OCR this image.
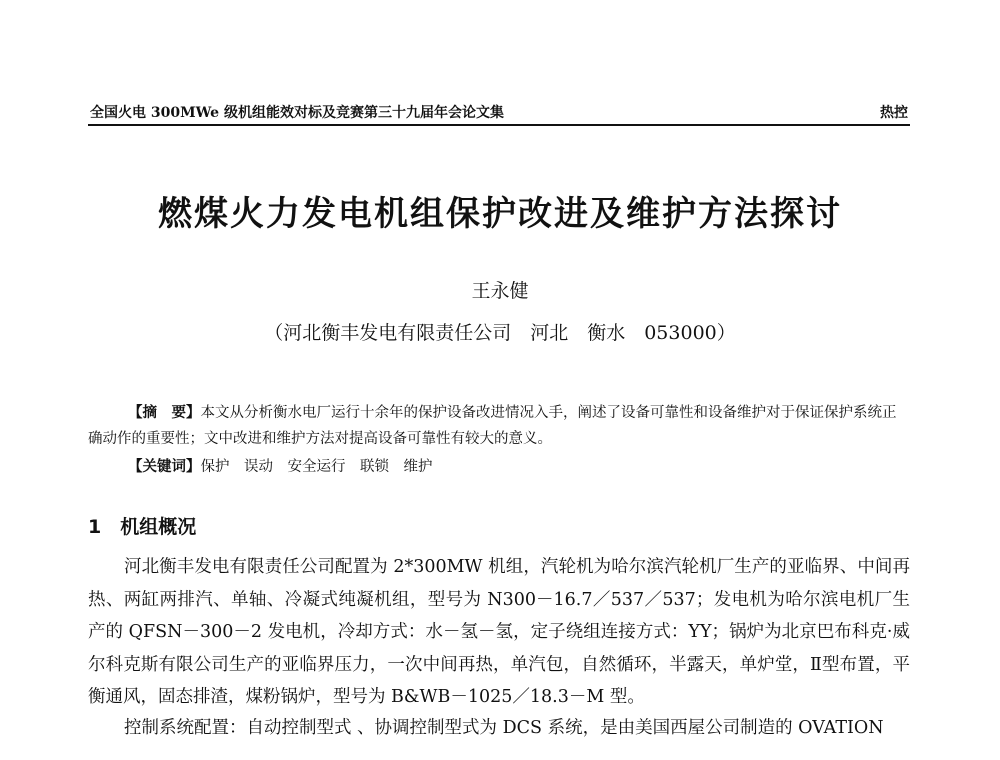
全国火电 300MWe 级机组能效对标及竞赛第三十九届年会论文集	热控
燃煤火力发电机组保护改进及维护方法探讨
王永健
（河北衡丰发电有限责任公司　河北　衡水　053000）
【摘　要】本文从分析衡水电厂运行十余年的保护设备改进情况入手，阐述了设备可靠性和设备维护对于保证保护系统正确动作的重要性；文中改进和维护方法对提高设备可靠性有较大的意义。
【关键词】保护　误动　安全运行　联锁　维护
1　机组概况

河北衡丰发电有限责任公司配置为 2*300MW 机组，汽轮机为哈尔滨汽轮机厂生产的亚临界、中间再热、两缸两排汽、单轴、冷凝式纯凝机组，型号为 N300－16.7／537／537；发电机为哈尔滨电机厂生产的 QFSN－300－2 发电机，冷却方式：水－氢－氢，定子绕组连接方式：YY；锅炉为北京巴布科克·威尔科克斯有限公司生产的亚临界压力，一次中间再热，单汽包，自然循环，半露天，单炉堂，Ⅱ型布置，平衡通风，固态排渣，煤粉锅炉，型号为 B&WB－1025／18.3－M 型。

控制系统配置：自动控制型式 、协调控制型式为 DCS 系统，是由美国西屋公司制造的 OVATION
